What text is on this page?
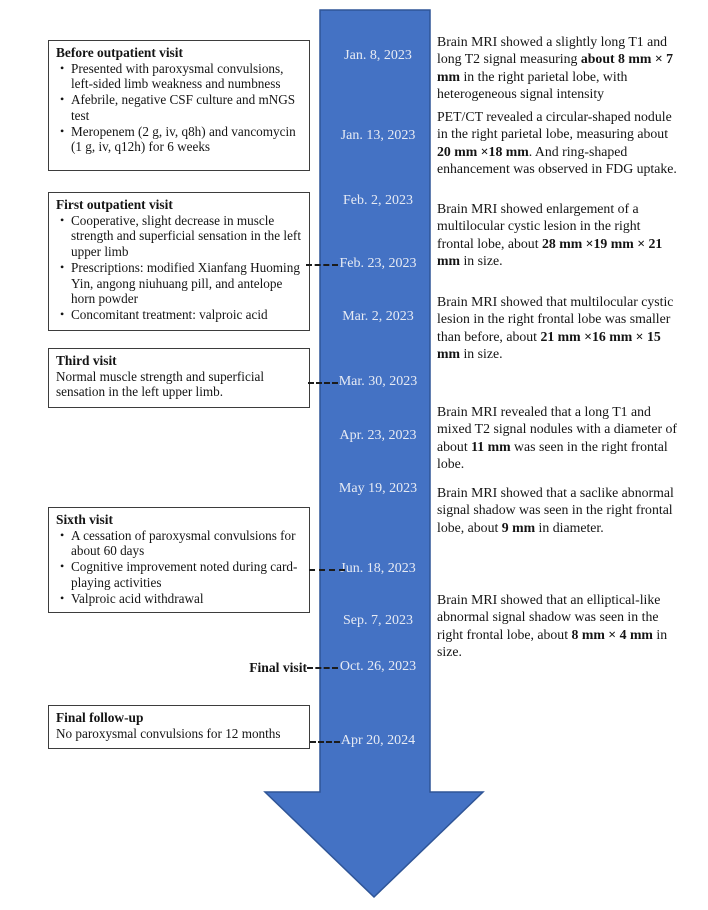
Jan. 8, 2023
Jan. 13, 2023
Feb. 2, 2023
Feb. 23, 2023
Mar. 2, 2023
Mar. 30, 2023
Apr. 23, 2023
May 19, 2023
Jun. 18, 2023
Sep. 7, 2023
Oct. 26, 2023
Apr 20, 2024
Before outpatient visit
• Presented with paroxysmal convulsions, left-sided limb weakness and numbness
• Afebrile, negative CSF culture and mNGS test
• Meropenem (2 g, iv, q8h) and vancomycin (1 g, iv, q12h) for 6 weeks
First outpatient visit
• Cooperative, slight decrease in muscle strength and superficial sensation in the left upper limb
• Prescriptions: modified Xianfang Huoming Yin, angong niuhuang pill, and antelope horn powder
• Concomitant treatment: valproic acid
Third visit
Normal muscle strength and superficial sensation in the left upper limb.
Sixth visit
• A cessation of paroxysmal convulsions for about 60 days
• Cognitive improvement noted during card-playing activities
• Valproic acid withdrawal
Final follow-up
No paroxysmal convulsions for 12 months
Final visit
Brain MRI showed a slightly long T1 and long T2 signal measuring about 8 mm × 7 mm in the right parietal lobe, with heterogeneous signal intensity
PET/CT revealed a circular-shaped nodule in the right parietal lobe, measuring about 20 mm ×18 mm. And ring-shaped enhancement was observed in FDG uptake.
Brain MRI showed enlargement of a multilocular cystic lesion in the right frontal lobe, about 28 mm ×19 mm × 21 mm in size.
Brain MRI showed that multilocular cystic lesion in the right frontal lobe was smaller than before, about 21 mm ×16 mm × 15 mm in size.
Brain MRI revealed that a long T1 and mixed T2 signal nodules with a diameter of about 11 mm was seen in the right frontal lobe.
Brain MRI showed that a saclike abnormal signal shadow was seen in the right frontal lobe, about 9 mm in diameter.
Brain MRI showed that an elliptical-like abnormal signal shadow was seen in the right frontal lobe, about 8 mm × 4 mm in size.
